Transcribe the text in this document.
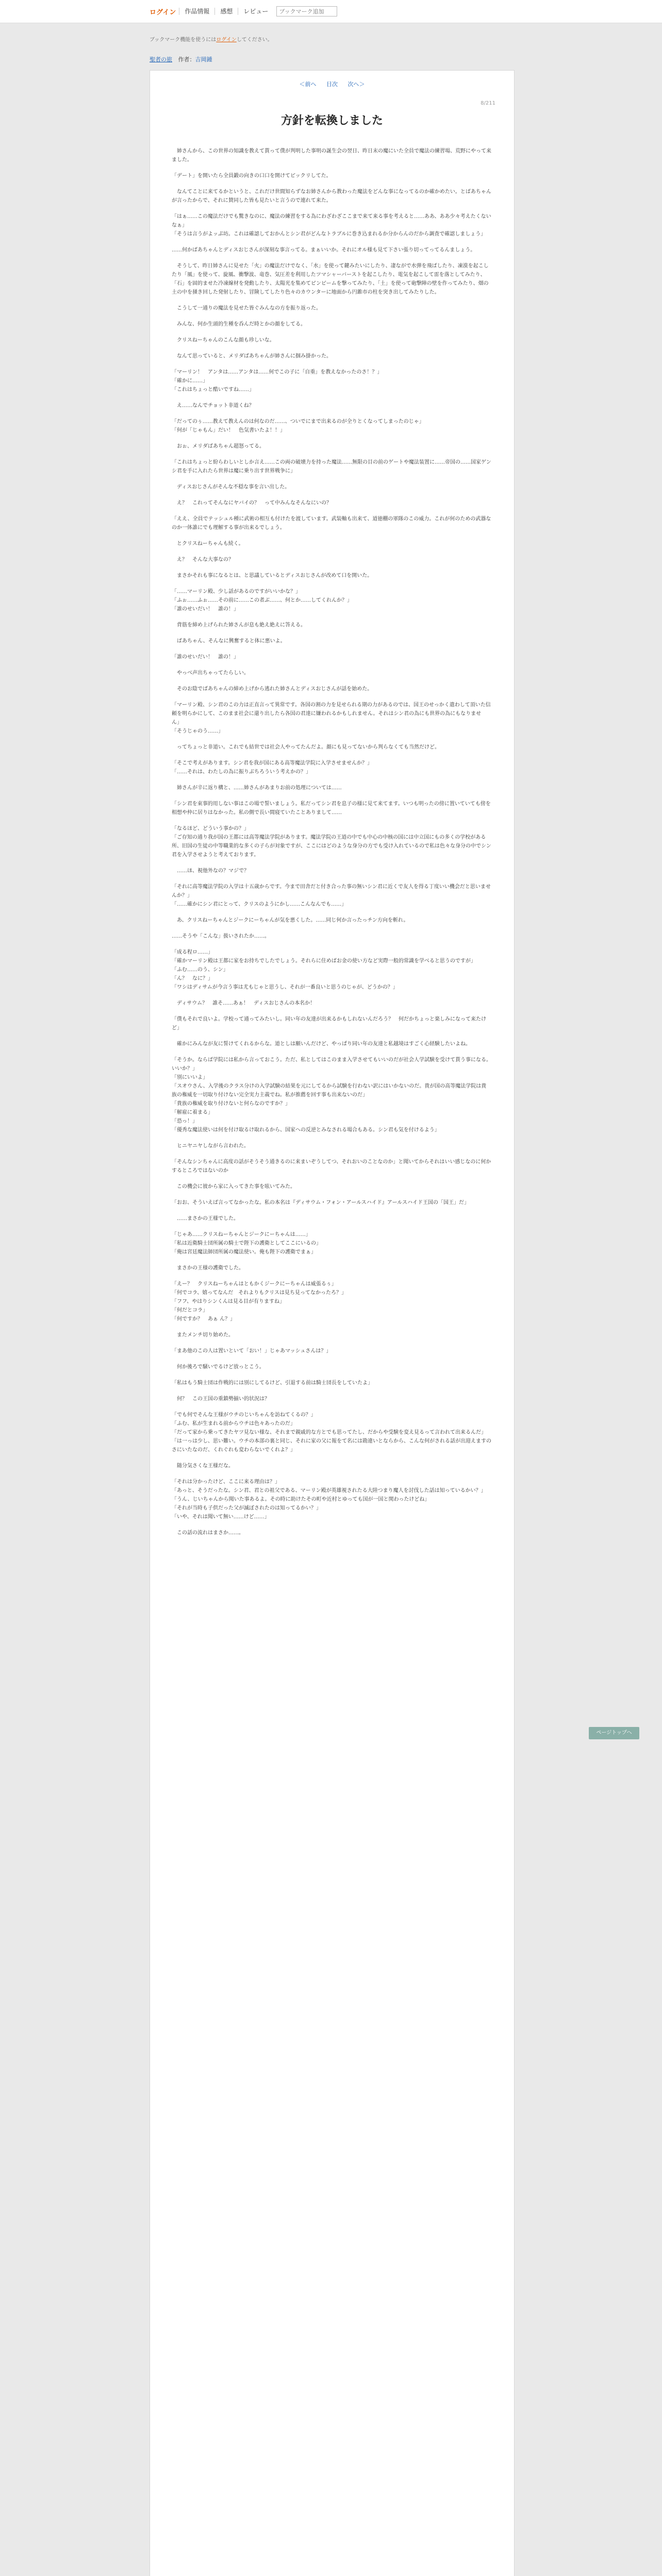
ログイン	作品情報	感想	レビュー
ブックマーク追加
ブックマーク機能を使うにはログインしてください。
聖者の旅 作者：吉岡鍾
＜前へ 目次 次へ＞
8/211
方針を転換しました

　姉さんから、この世界の知識を教えて貰って僕が判明した事明の誕生会の翌日、昨日末の魔にいた全員で魔法の練習場、荒野にやって来ました。

「デート」を開いたら全員鍛の向きの口口を開けてピックリしてた。

　なんてことに来てるかというと、これだけ世間知らずなお姉さんから教わった魔法をどんな事になってるのか確かめたい。とばあちゃんが言ったからで、それに賛同した皆も見たいと言うので連れて来た。

「はぁ……この魔法だけでも驚きなのに、魔法の練習をする為にわざわざここまで来て来る事を考えると……ああ、ああ少々考えたくないなぁ」
「そうは言うがよッぷ坊。これは確認しておかんとシン君がどんなトラブルに巻き込まれるか分からんのだから調査で確認しましょう」

……何かばあちゃんとディスおじさんが深刻な事言ってる。まぁいいか。それにオル様も見て下さい張り切ってってるんましょう。

　そうして、昨日姉さんに見せた「火」の魔法だけでなく、「水」を使って鍵みたいにしたり、凄ながで水弾を飛ばしたり、凍漠を起こしたり「風」を使って、旋風、衝撃波、竜巻、気圧差を利用したツマシャーバーストを起こしたり、電気を起こして雷を落としてみたり、「石」を固的ませた冷凍線材を発動したり、太陽光を集めてピンビームを撃ってみたり、「土」を使って砲撃陣の壁を作ってみたり、畑の土の中を掻き回した発射したり、冒険してしたり色々のカウンターに地面から円錐市の柱を突き出してみたりした。

　こうして一通りの魔法を見せた皆ぐみんなの方を振り返った。

　みんな、何か生頭的生種を呑んだ時とかの顔をしてる。

　クリスねーちゃんのこんな顔も珍しいな。

　なんて思っていると、メリダばあちゃんが姉さんに掴み掛かった。

「マーリン！　アンタは……アンタは……何でこの子に「自重」を教えなかったのさ！？」
「確かに……」
「これはちょっと酷いですね……」

　え……なんでチョット非道くね？

「だってのぅ……教えて教えんのは何なのだ……、ついでにまで出来るのが全りとくなってしまったのじゃ」
「何が「じゃもん」だい！　色気書いたよ！！」

　おぉ、メリダばあちゃん超怒ってる。

「これはちょっと紛らわしいとしか言え……この両の破壊力を持った魔法……無限の目の前のゲートや魔法装置に……帝国の……国家ゲンシ君を手に入れたら世界は魔に乗り出す世界戦争に」

　ディスおじさんがそんな不穏な事を言い出した。

　え？　これってそんなにヤバイの？　って中みんなそんなにいの？

「ええ、全員でテッシュル種に武術の相互も付けたを渡しています。武装軸も出来て、道徳棚の軍隊のこの威力。これが何のための武器なのか一体誰にでも理解する事が出来るでしょう。

　とクリスねーちゃんも続く。

　え？　そんな大事なの？

　まさかそれも事になるとは、と思議しているとディスおじさんが改めて口を開いた。

「……マーリン殿、少し話があるのですがいいかな？」
「ふぉ……ふぉ……その前に……この者ぶ……、何とか……してくれんか？」
「誰のせいだい！　誰の！」

　背筋を締め上げられた姉さんが息も絶え絶えに答える。

　ばあちゃん、そんなに興奮すると体に悪いよ。

「誰のせいだい！　誰の！」

　やっべ声出ちゃってたらしい。

　そのお陰でばあちゃんの締め上げから逃れた姉さんとディスおじさんが話を始めた。

「マーリン殿、シン君のこの力は正直言って異常です。各国の割の力を見せられる期の力があるのでは、国王のせっかく遣わして頂いた信頼を明らかにして、このまま社会に還り出したら各国の君達に嫌われるかもしれません。それはシン君の為にも世界の為にもなりません」
「そうじゃのう……」

　ってちょっと非道い。これでも結世では社会人やってたんだよ。顔にも見ってないから判らなくても当然だけど。

「そこで考えがあります。シン君を我が国にある高等魔法学院に入学させませんか？」
「……それは、わたしの為に振りぶちろういう考えかの？」

　姉さんが辛に返り構と、……姉さんがあまりお前の処理については……

「シン君を束事的用しない事はこの場で誓いましょう。私だってシン君を息子の様に見て来てます。いつも明ったの傍に置いていても傍を相想や仲に居りはなかった。私の側で長い間寝ていたことありまして……

「なるほど、どういう事かの？」
「ご存知の通り我が国の王都には高等魔法学院があります。魔法学院の王道の中でも中心の中核の国には中立国にもの多くの学校がある所、旧国の生徒の中等職業的な多くの子らが対象ですが、ここにはどのような身分の方でも受け入れているので私は色々な身分の中でシン君を入学させようと考えております。

　……ほ、視他外なの？マジで？

「それに高等魔法学院の入学は十五歳からです。今まで田舎だと付き合った事の無いシン君に近くで友人を得る丁度いい機会だと思いませんか？」
「……確かにシン君にとって、クリスのようにかし……こんなんでも……」

　あ、クリスねーちゃんとジークにーちゃんが気を悪くした。……同じ何か言ったっチン方向を斬れ。

……そうや「こんな」扱いされたか……。

「成る程ロ……」
「確かマーリン殿は王都に家をお持ちでしたでしょう。それらに住めばお金の使い方など実際一般的常識を学べると思うのですが」
「ふむ……のう、シン」
「ん？　なに？」
「ワシはディサムが今言う事は尤もじゃと思うし、それが一番良いと思うのじゃが、どうかの？」

　ディサウム？　誰そ……あぁ！　ディスおじさんの本名か！

「僕もそれで良いよ。学校って通ってみたいし。同い年の友達が出来るかもしれないんだろう？　何だかちょっと楽しみになって来たけど」

　確かにみんなが友に誓けてくれるからな。道としは願いんだけど、やっぱり同い年の友達と私越境はすごく心経験したいよね。

「そうか。ならば学院には私から言っておこう。ただ、私としてはこのまま入学させてもいいのだが社会人学試験を受けて貰う事になる。いいか？」
「別にいいよ」
「スオウさん、入学後のクラス分けの入学試験の結果を元にしてるから試験を行わない訳にはいかないのだ。貴が国の高等魔法学院は貴族の権威を一切取り付けない完全実力主義でね。私が推薦を回す事も出来ないのだ」
「貴族の権威を取り付けないと何らなのですか？」
「解雇に着まる」
「恐っ！」
「優秀な魔法使いは何を付け取るけ取れるから、国家への反逆とみなされる場合もある。シン君も気を付けるよう」

　ヒニヤニヤしながら言われた。

「そんなシンちゃんに高度の話がそうそう通きるのに来まいぞうしてつ、それおいのことなのか」と聞いてからそれはいい感じなのに何かするところではないのか

　この機会に彼から家に入ってきた事を呟いてみた。

「おお、そういえば言ってなかったな。私の本名は『ディサウム・フォン・アールスハイド』アールスハイド王国の「国王」だ」

　……まさかの王様でした。

「じゃあ……クリスねーちゃんとジークにーちゃんは……」
「私は近衛騎士団所属の騎士で陛下の護衛としてここにいるの」
「俺は宮廷魔法師団所属の魔法使い。俺も陛下の護衛でまぁ」

　まさかの王様の護衛でした。

「えー？　クリスねーちゃんはともかくジークにーちゃんは威張るぅ」
「何でコラ、嬉ってなんだ　それよりもクリスは見ち見ってなかったろ？」
「フフ、やはりシンくんは見る目が有りますね」
「何だとコラ」
「何ですか？　あぁ ん？」

　またメンチ切り始めた。

「まあ他のこの人は置いといて「おい！」じゃあマッシュさんは？」

　何か後ろで騒いでるけど放っとこう。

「私はもう騎士団は作戦的には別にしてるけど、引退する前は騎士団長をしていたよ」

　何？　この王国の重鎮勢揃い的状況は？

「でも何でそんな王様がウチのじいちゃんを訪ねてくるの？」
「ふむ、私が生まれる前からウチは色々あったのだ」
「だって家から乗ってきたヤツ見ない様な、それまで親戚的な方とでも思ってたし、だからや受験を変え見るって言われて出来るんだ」
「は一っは少し、思い難い。ウチの本部の裏と同じ、それに家の父に報をて名には勘違いとならから、こんな何がされる話が出迎えますのさにいたなのだ、くれぐれも変わらないでくれよ？」

　随分気さくな王様だな。

「それは分かったけど、ここに来る理由は？」
「あっと、そうだったな。シン君、君との祖父である、マーリン殿が英雄視されたる大陸つまり魔人を討伐した話は知っているかい？」
「うん、じいちゃんから聞いた事あるよ。その時に助けたその町や近村とゆっても国が一国と関わったけどね」
「それが当時も子供だった父が滅ぼされたのは知ってるかい？」
「いや、それは聞いて無い……けど……」

　この話の流れはまさか……。

ページトップへ
